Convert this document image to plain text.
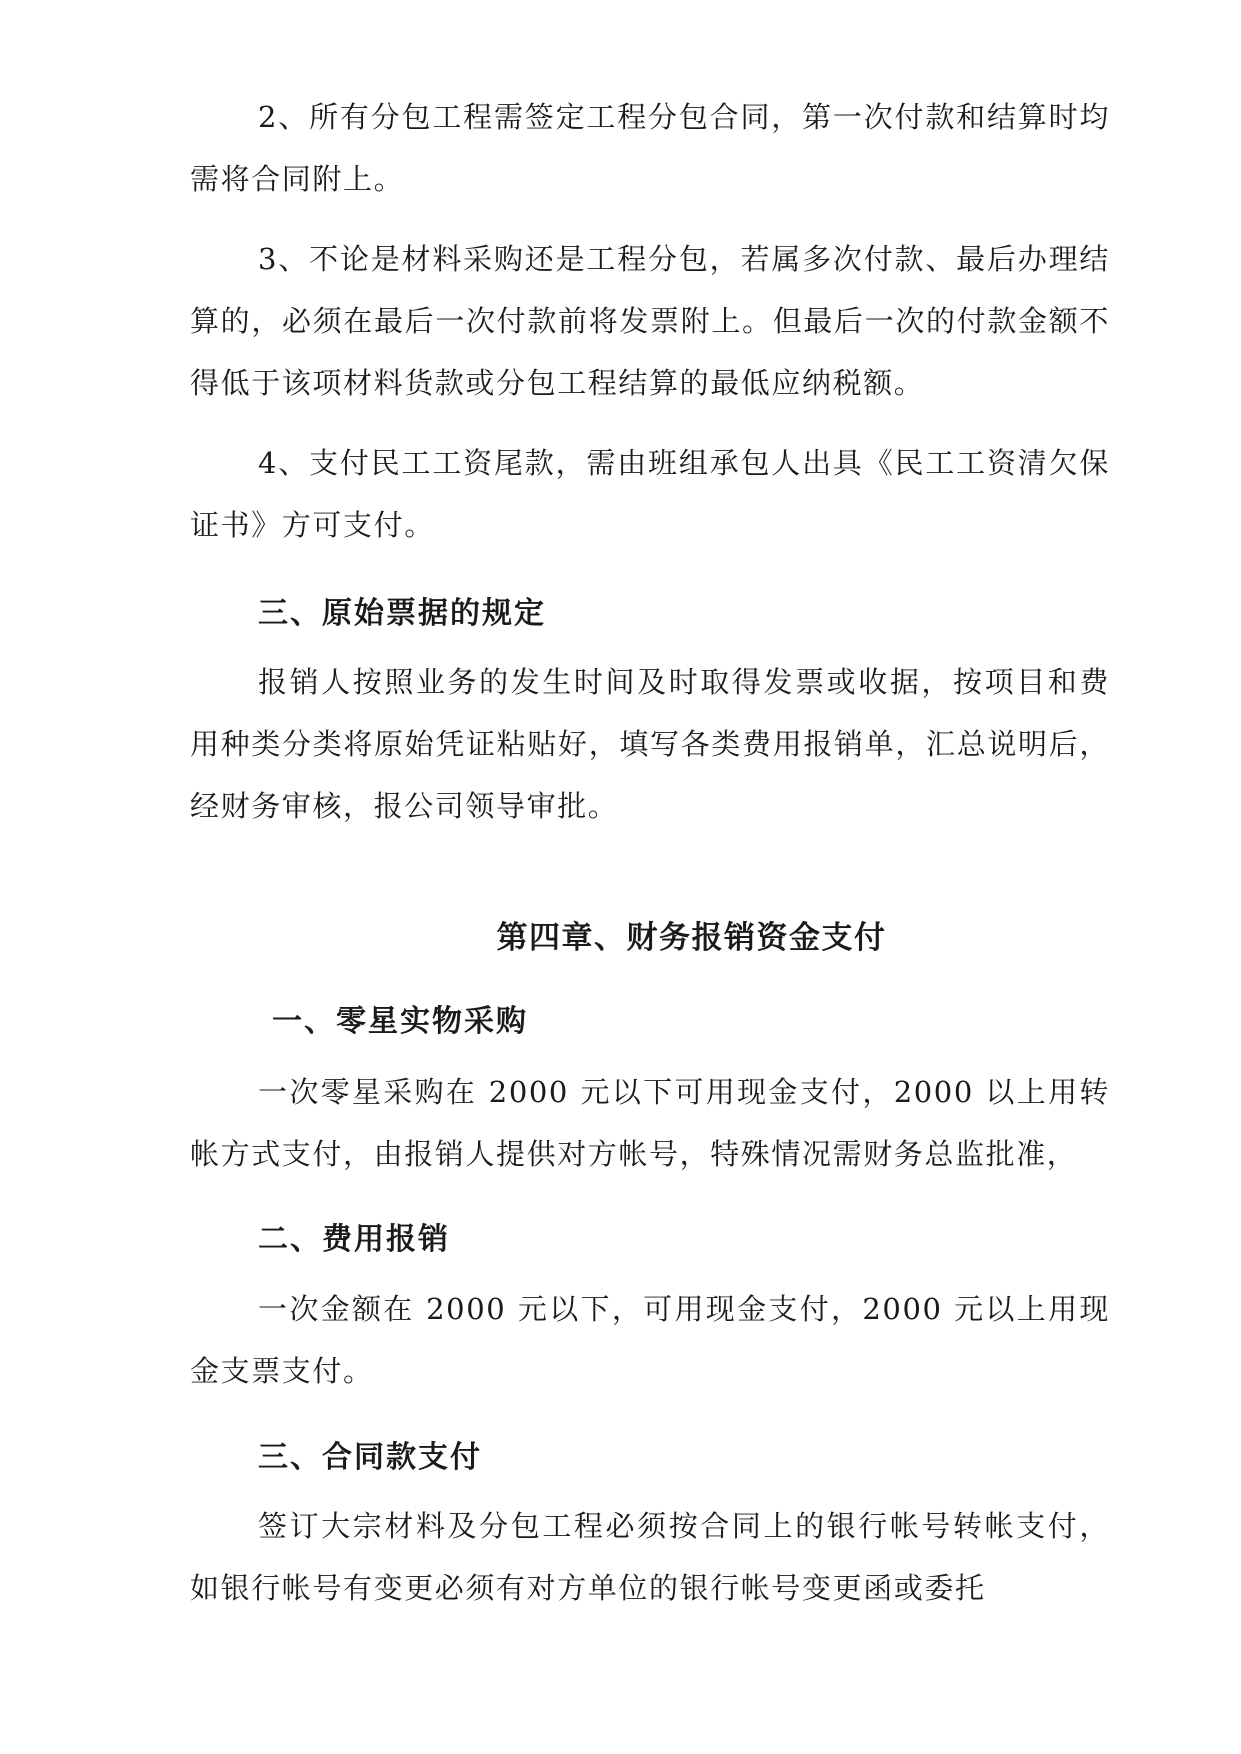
2、所有分包工程需签定工程分包合同，第一次付款和结算时均需将合同附上。

3、不论是材料采购还是工程分包，若属多次付款、最后办理结算的，必须在最后一次付款前将发票附上。但最后一次的付款金额不得低于该项材料货款或分包工程结算的最低应纳税额。

4、支付民工工资尾款，需由班组承包人出具《民工工资清欠保证书》方可支付。

三、原始票据的规定

报销人按照业务的发生时间及时取得发票或收据，按项目和费用种类分类将原始凭证粘贴好，填写各类费用报销单，汇总说明后，经财务审核，报公司领导审批。

第四章、财务报销资金支付
一、零星实物采购

一次零星采购在 2000 元以下可用现金支付，2000 以上用转帐方式支付，由报销人提供对方帐号，特殊情况需财务总监批准，

二、费用报销

一次金额在 2000 元以下，可用现金支付，2000 元以上用现金支票支付。

三、合同款支付

签订大宗材料及分包工程必须按合同上的银行帐号转帐支付，如银行帐号有变更必须有对方单位的银行帐号变更函或委托
